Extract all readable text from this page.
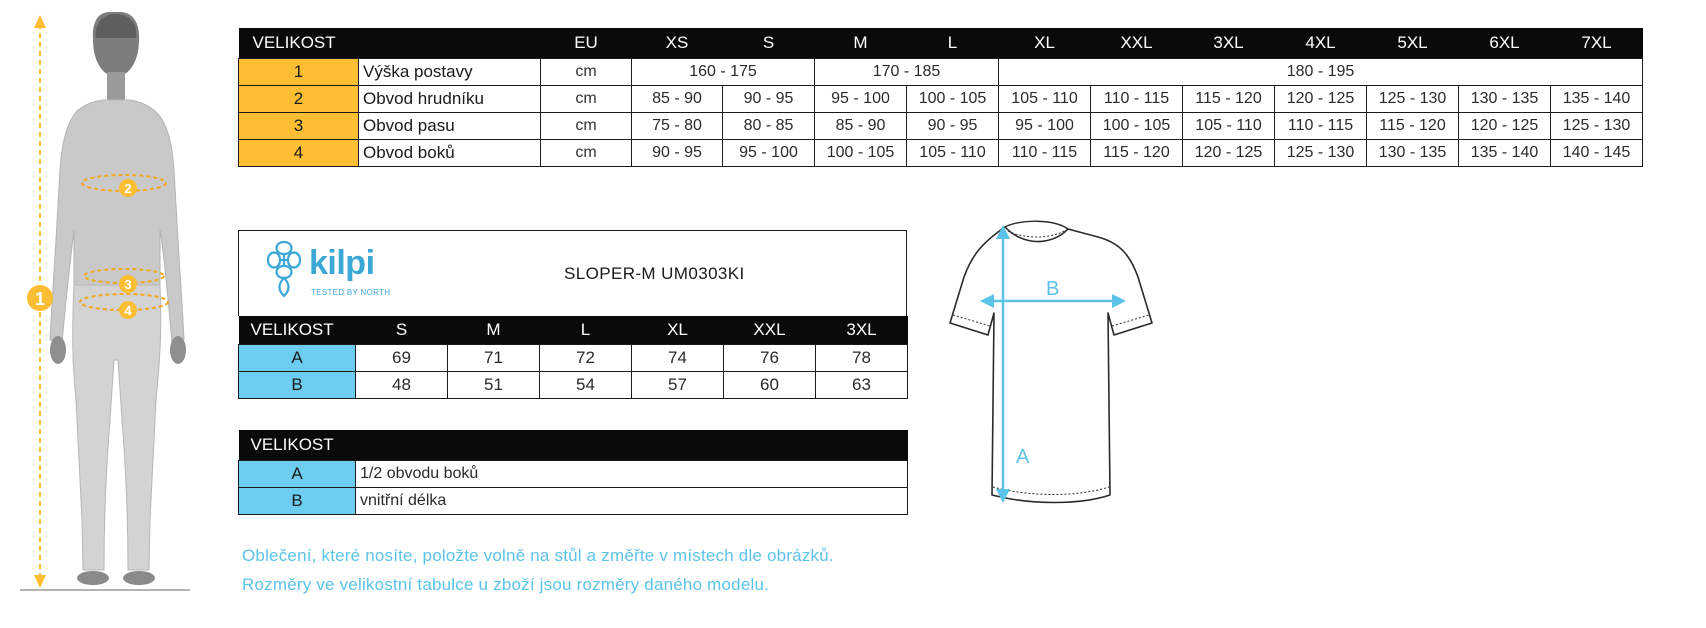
1
2
3
4
VELIKOST		EU	XS	S	M	L	XL	XXL	3XL	4XL	5XL	6XL	7XL
1	Výška postavy	cm	160 - 175		170 - 185		180 - 195						
2	Obvod hrudníku	cm	85 - 90	90 - 95	95 - 100	100 - 105	105 - 110	110 - 115	115 - 120	120 - 125	125 - 130	130 - 135	135 - 140
3	Obvod pasu	cm	75 - 80	80 - 85	85 - 90	90 - 95	95 - 100	100 - 105	105 - 110	110 - 115	115 - 120	120 - 125	125 - 130
4	Obvod boků	cm	90 - 95	95 - 100	100 - 105	105 - 110	110 - 115	115 - 120	120 - 125	125 - 130	130 - 135	135 - 140	140 - 145
kilpi
TESTED BY NORTH
SLOPER-M UM0303KI
VELIKOST	S	M	L	XL	XXL	3XL
A	69	71	72	74	76	78
B	48	51	54	57	60	63
VELIKOST	
A	1/2 obvodu boků
B	vnitřní délka
A
B
Oblečení, které nosíte, položte volně na stůl a změřte v místech dle obrázků.
Rozměry ve velikostní tabulce u zboží jsou rozměry daného modelu.
